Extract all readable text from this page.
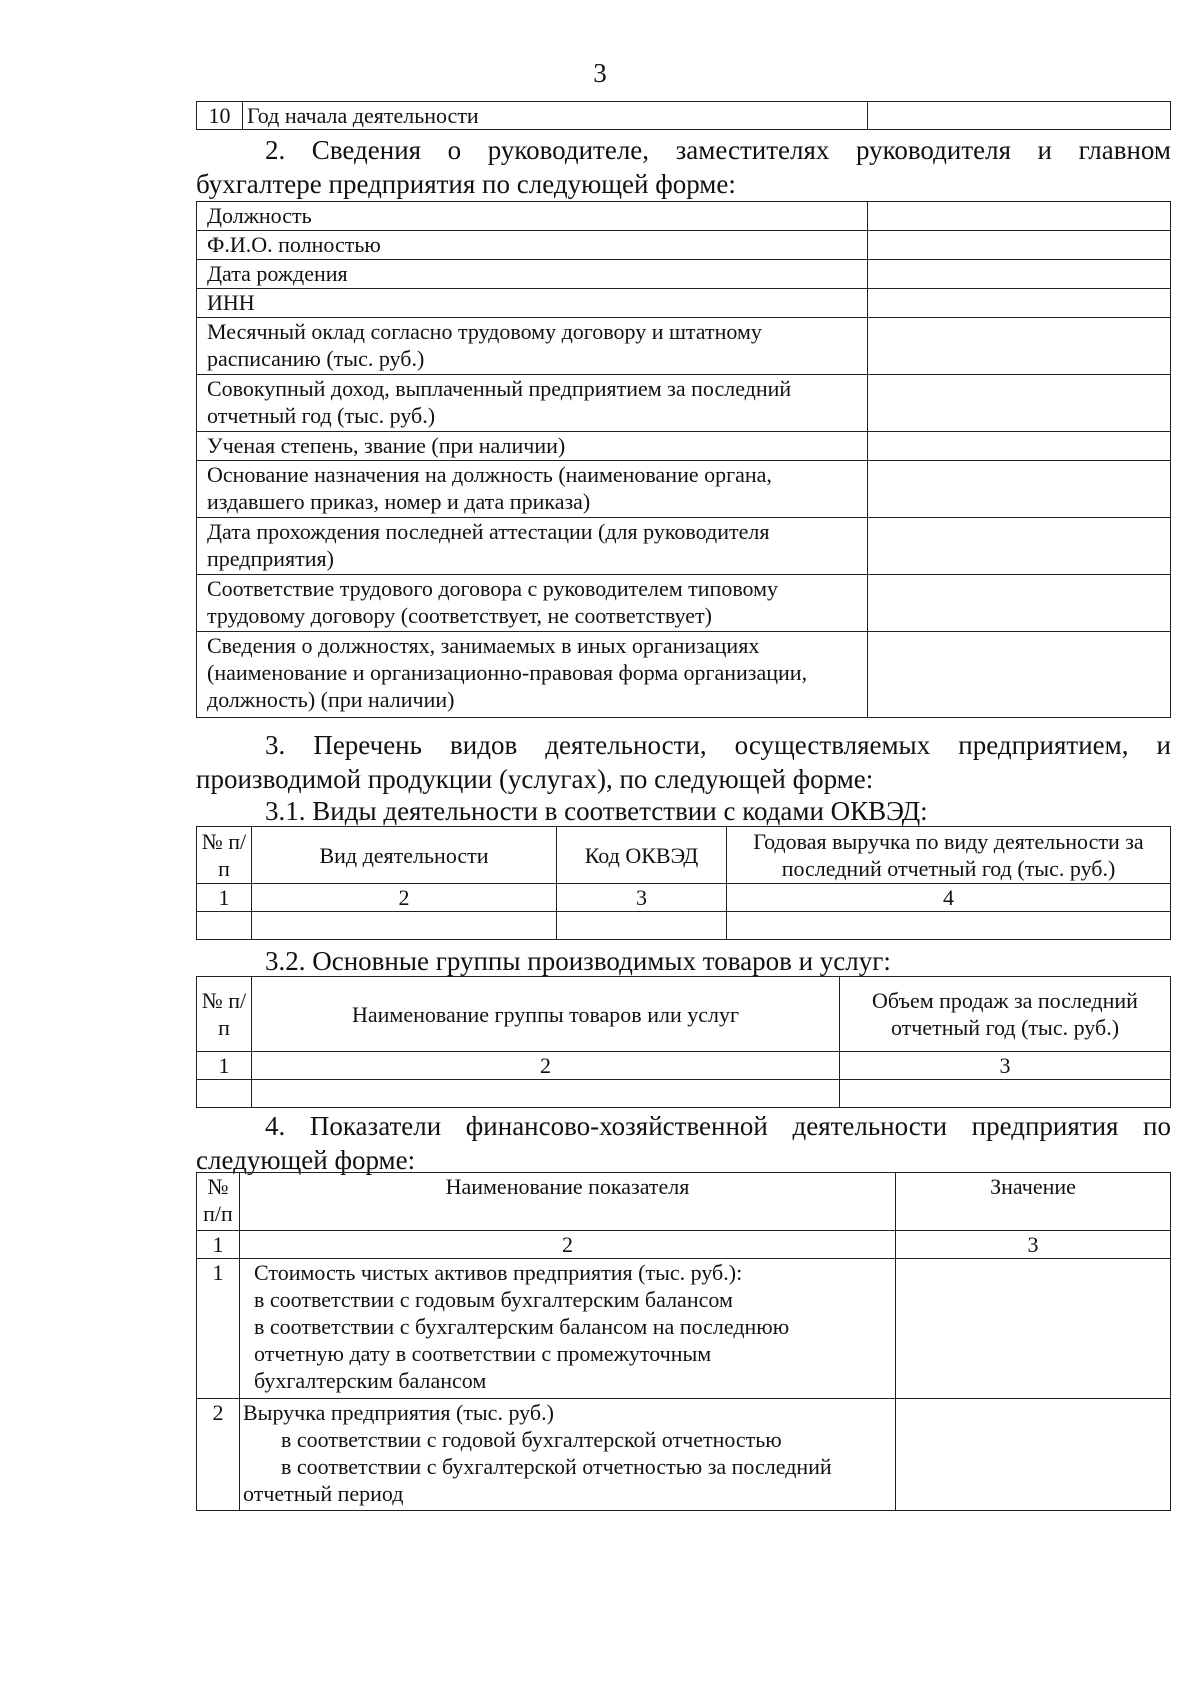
3
10	Год начала деятельности	
2. Сведения о руководителе, заместителях руководителя и главном
бухгалтере предприятия по следующей форме:
Должность	
Ф.И.О. полностью	
Дата рождения	
ИНН	
Месячный оклад согласно трудовому договору и штатному расписанию (тыс. руб.)	
Совокупный доход, выплаченный предприятием за последний отчетный год (тыс. руб.)	
Ученая степень, звание (при наличии)	
Основание назначения на должность (наименование органа, издавшего приказ, номер и дата приказа)	
Дата прохождения последней аттестации (для руководителя предприятия)	
Соответствие трудового договора с руководителем типовому трудовому договору (соответствует, не соответствует)	
Сведения о должностях, занимаемых в иных организациях (наименование и организационно-правовая форма организации, должность) (при наличии)	
3. Перечень видов деятельности, осуществляемых предприятием, и
производимой продукции (услугах), по следующей форме:
3.1. Виды деятельности в соответствии с кодами ОКВЭД:
№ п/п	Вид деятельности	Код ОКВЭД	Годовая выручка по виду деятельности за последний отчетный год (тыс. руб.)
1	2	3	4

3.2. Основные группы производимых товаров и услуг:
№ п/п	Наименование группы товаров или услуг	Объем продаж за последний отчетный год (тыс. руб.)
1	2	3

4. Показатели финансово-хозяйственной деятельности предприятия по
следующей форме:
№ п/п	Наименование показателя	Значение
1	2	3
1	Стоимость чистых активов предприятия (тыс. руб.):
в соответствии с годовым бухгалтерским балансом
в соответствии с бухгалтерским балансом на последнюю
отчетную дату в соответствии с промежуточным
бухгалтерским балансом	

2	Выручка предприятия (тыс. руб.)
в соответствии с годовой бухгалтерской отчетностью
в соответствии с бухгалтерской отчетностью за последний
отчетный период	
